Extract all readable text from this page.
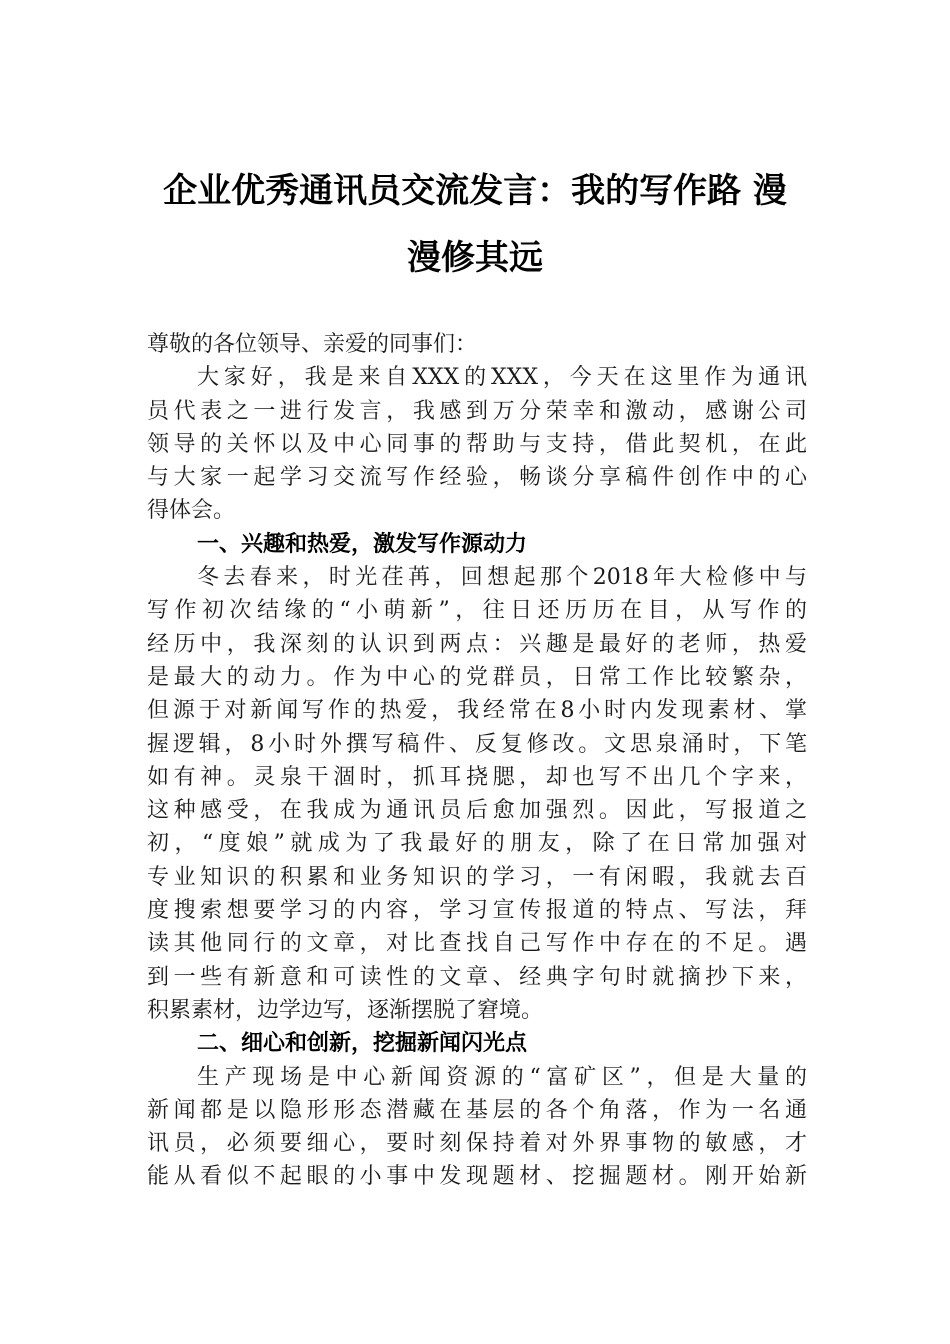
企业优秀通讯员交流发言：我的写作路 漫
漫修其远
尊敬的各位领导、亲爱的同事们：
大家好，我是来自XXX的XXX，今天在这里作为通讯
员代表之一进行发言，我感到万分荣幸和激动，感谢公司
领导的关怀以及中心同事的帮助与支持，借此契机，在此
与大家一起学习交流写作经验，畅谈分享稿件创作中的心
得体会。
一、兴趣和热爱，激发写作源动力
冬去春来，时光荏苒，回想起那个2018年大检修中与
写作初次结缘的“小萌新”，往日还历历在目，从写作的
经历中，我深刻的认识到两点：兴趣是最好的老师，热爱
是最大的动力。作为中心的党群员，日常工作比较繁杂，
但源于对新闻写作的热爱，我经常在8小时内发现素材、掌
握逻辑，8小时外撰写稿件、反复修改。文思泉涌时，下笔
如有神。灵泉干涸时，抓耳挠腮，却也写不出几个字来，
这种感受，在我成为通讯员后愈加强烈。因此，写报道之
初，“度娘”就成为了我最好的朋友，除了在日常加强对
专业知识的积累和业务知识的学习，一有闲暇，我就去百
度搜索想要学习的内容，学习宣传报道的特点、写法，拜
读其他同行的文章，对比查找自己写作中存在的不足。遇
到一些有新意和可读性的文章、经典字句时就摘抄下来，
积累素材，边学边写，逐渐摆脱了窘境。
二、细心和创新，挖掘新闻闪光点
生产现场是中心新闻资源的“富矿区”，但是大量的
新闻都是以隐形形态潜藏在基层的各个角落，作为一名通
讯员，必须要细心，要时刻保持着对外界事物的敏感，才
能从看似不起眼的小事中发现题材、挖掘题材。刚开始新
